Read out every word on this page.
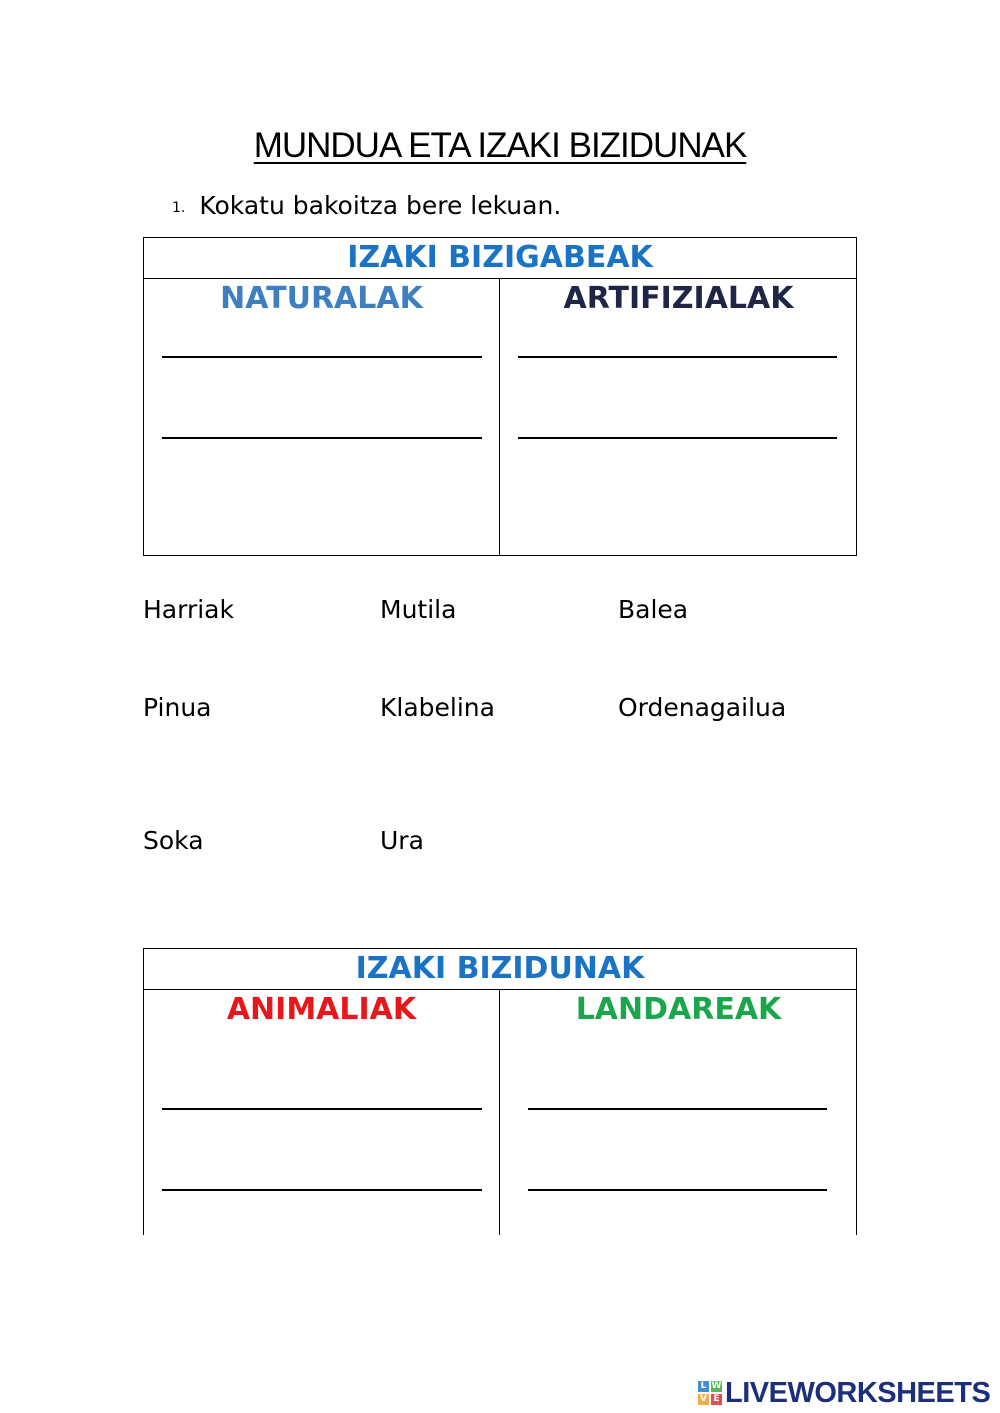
MUNDUA ETA IZAKI BIZIDUNAK
1. Kokatu bakoitza bere lekuan.
IZAKI BIZIGABEAK
NATURALAK	ARTIFIZIALAK
Harriak	Mutila	Balea
Pinua	Klabelina	Ordenagailua
Soka	Ura
IZAKI BIZIDUNAK
ANIMALIAK	LANDAREAK
L W
V E LIVEWORKSHEETS
